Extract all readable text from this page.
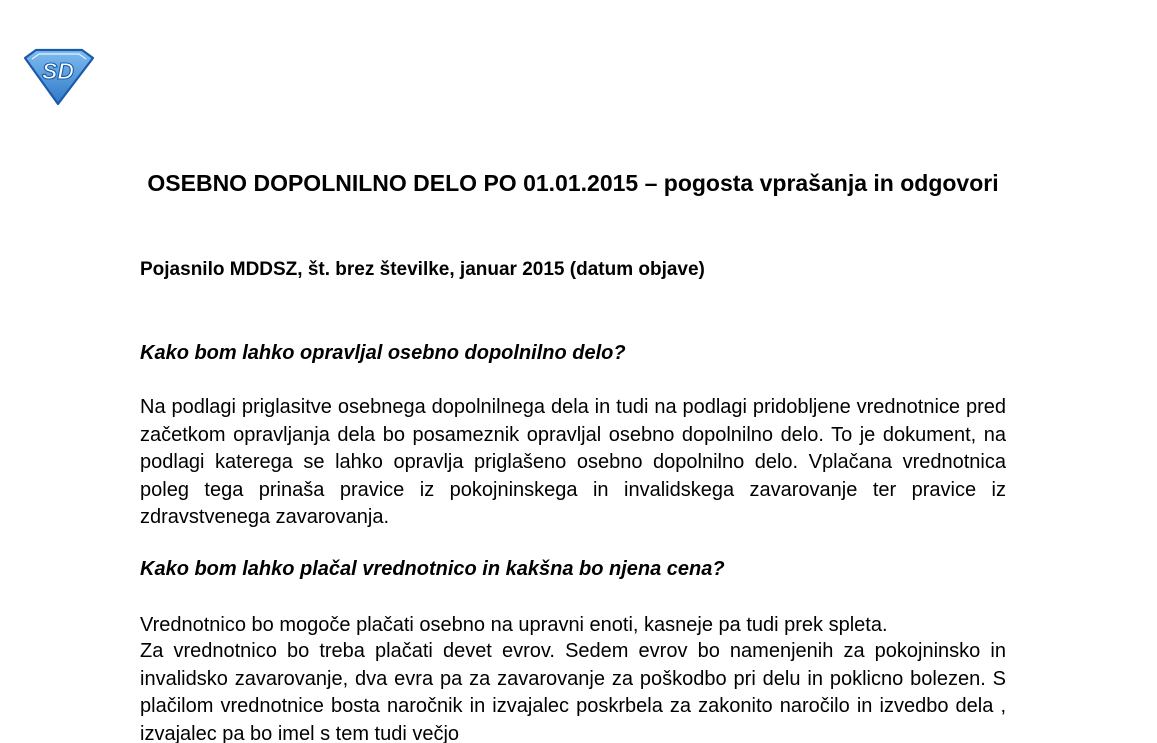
SD
OSEBNO DOPOLNILNO DELO PO 01.01.2015 – pogosta vprašanja in odgovori

Pojasnilo MDDSZ, št. brez številke, januar 2015 (datum objave)

Kako bom lahko opravljal osebno dopolnilno delo?

Na podlagi priglasitve osebnega dopolnilnega dela in tudi na podlagi pridobljene vrednotnice pred začetkom opravljanja dela bo posameznik opravljal osebno dopolnilno delo. To je dokument, na podlagi katerega se lahko opravlja priglašeno osebno dopolnilno delo. Vplačana vrednotnica poleg tega prinaša pravice iz pokojninskega in invalidskega zavarovanje ter pravice iz zdravstvenega zavarovanja.

Kako bom lahko plačal vrednotnico in kakšna bo njena cena?

Vrednotnico bo mogoče plačati osebno na upravni enoti, kasneje pa tudi prek spleta.

Za vrednotnico bo treba plačati devet evrov. Sedem evrov bo namenjenih za pokojninsko in invalidsko zavarovanje, dva evra pa za zavarovanje za poškodbo pri delu in poklicno bolezen. S plačilom vrednotnice bosta naročnik in izvajalec poskrbela za zakonito naročilo in izvedbo dela , izvajalec pa bo imel s tem tudi večjo
